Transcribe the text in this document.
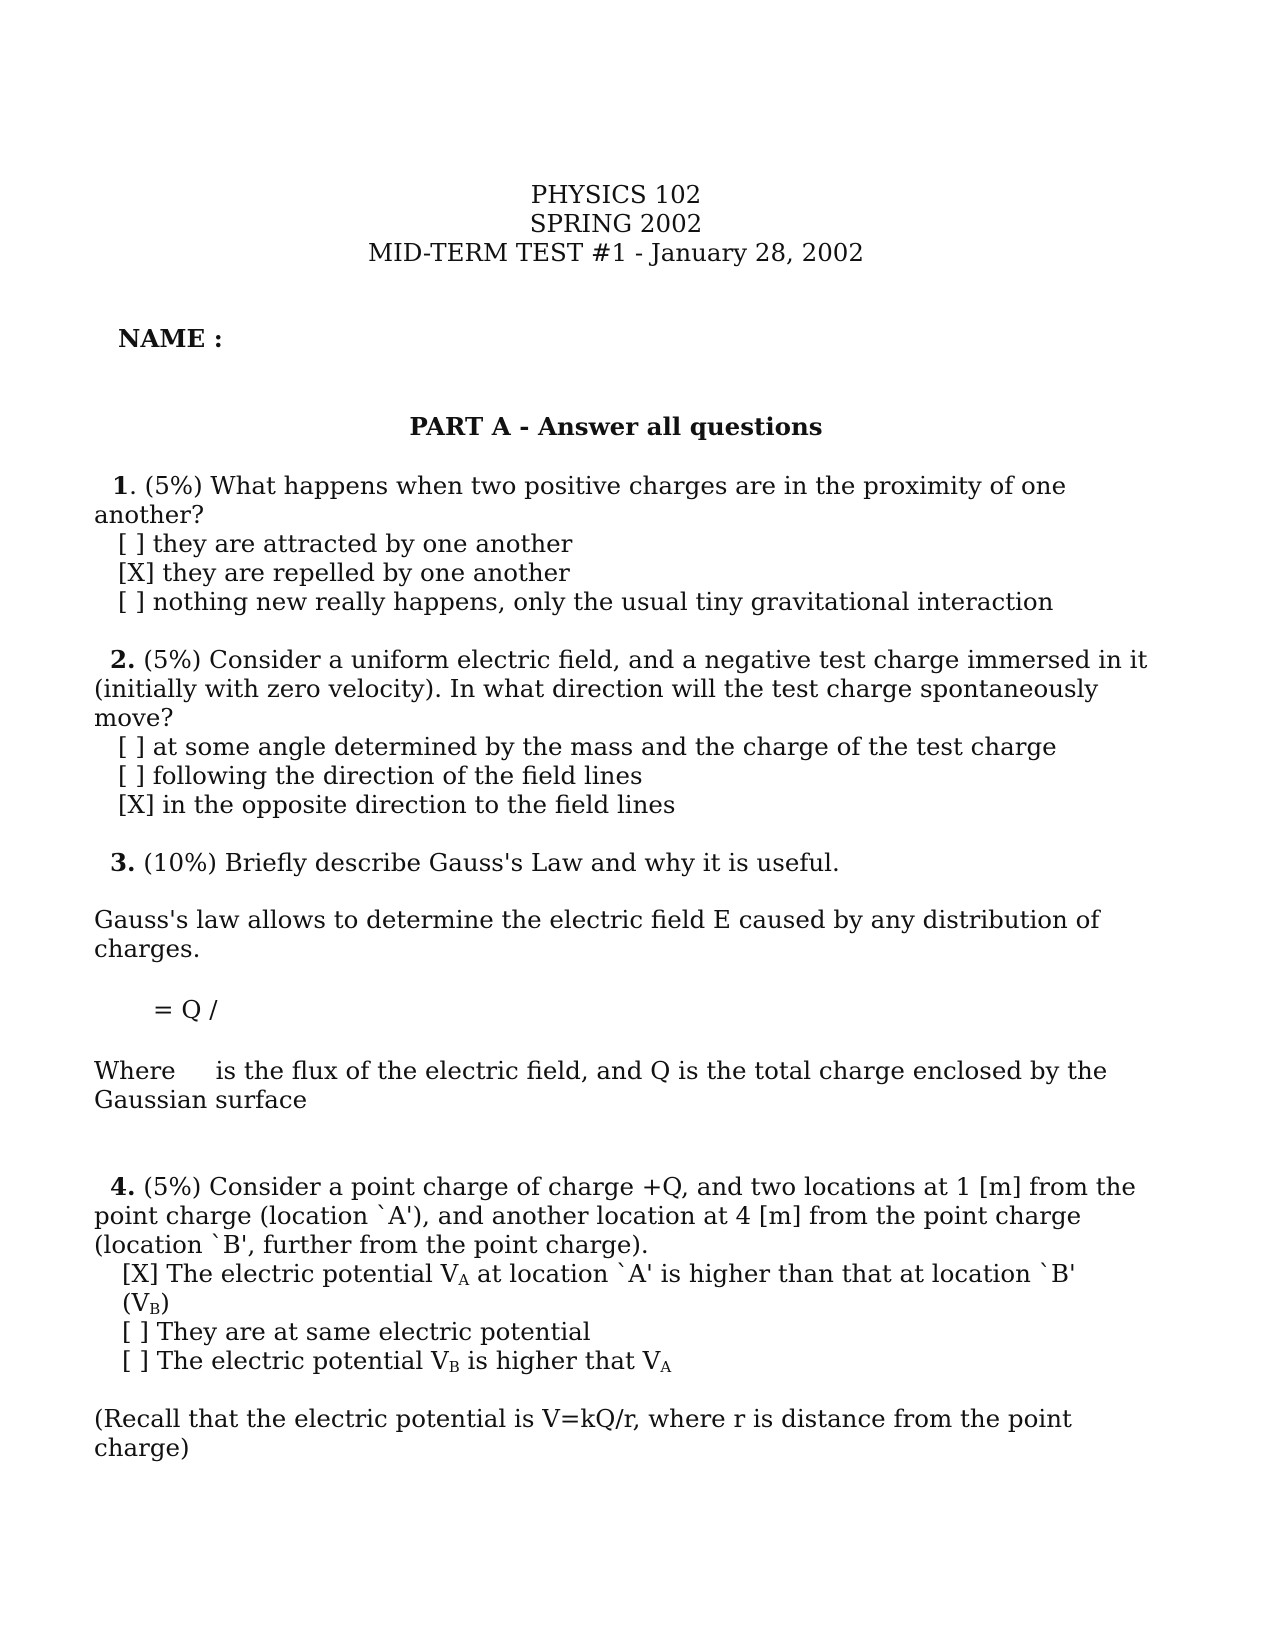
PHYSICS 102
SPRING 2002
MID-TERM TEST #1 - January 28, 2002
NAME :
PART A - Answer all questions
1. (5%) What happens when two positive charges are in the proximity of one another?
[ ] they are attracted by one another
[X] they are repelled by one another
[ ] nothing new really happens, only the usual tiny gravitational interaction
2. (5%) Consider a uniform electric field, and a negative test charge immersed in it (initially with zero velocity). In what direction will the test charge spontaneously move?
[ ] at some angle determined by the mass and the charge of the test charge
[ ] following the direction of the field lines
[X] in the opposite direction to the field lines
3. (10%) Briefly describe Gauss's Law and why it is useful.
Gauss's law allows to determine the electric field E caused by any distribution of charges.
= Q /
Where is the flux of the electric field, and Q is the total charge enclosed by the Gaussian surface
4. (5%) Consider a point charge of charge +Q, and two locations at 1 [m] from the point charge (location `A'), and another location at 4 [m] from the point charge (location `B', further from the point charge).
[X] The electric potential $V_A$ at location `A' is higher than that at location `B'
$(V_B)$
[ ] They are at same electric potential
[ ] The electric potential $V_B$ is higher that $V_A$
(Recall that the electric potential is V=kQ/r, where r is distance from the point charge)
